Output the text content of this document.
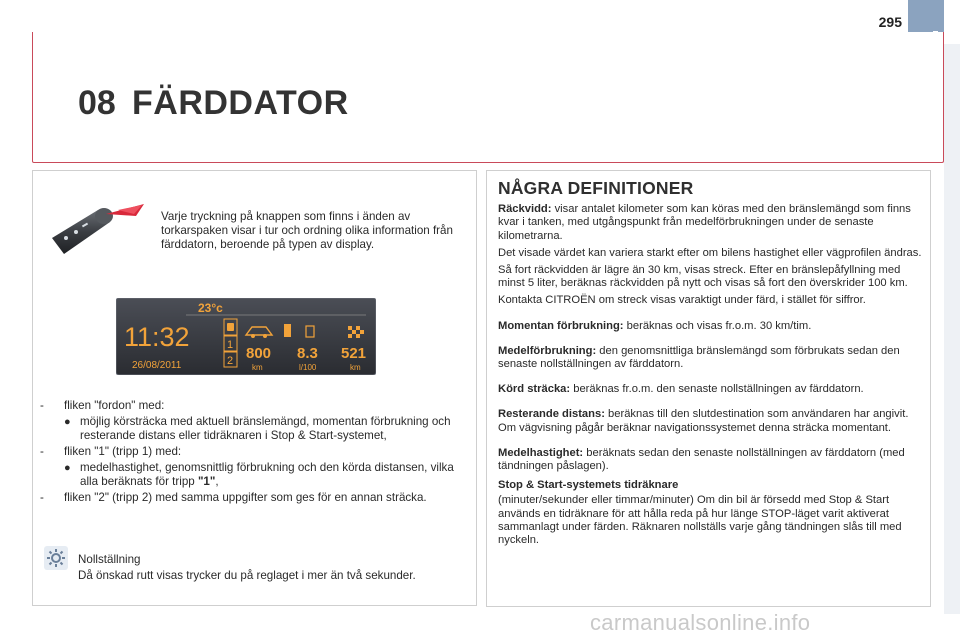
295
08 FÄRDDATOR
Varje tryckning på knappen som finns i änden av torkarspaken visar i tur och ordning olika information från färddatorn, beroende på typen av display.
23°c
11:32
26/08/2011
1
2 800
km
8.3
l/100
521
km
- fliken "fordon" med:
● möjlig körsträcka med aktuell bränslemängd, momentan förbrukning och resterande distans eller tidräknaren i Stop & Start-systemet,
- fliken "1" (tripp 1) med:
● medelhastighet, genomsnittlig förbrukning och den körda distansen, vilka alla beräknats för tripp "1",
- fliken "2" (tripp 2) med samma uppgifter som ges för en annan sträcka.
Nollställning
Då önskad rutt visas trycker du på reglaget i mer än två sekunder.
NÅGRA DEFINITIONER

Räckvidd: visar antalet kilometer som kan köras med den bränslemängd som finns kvar i tanken, med utgångspunkt från medelförbrukningen under de senaste kilometrarna.

Det visade värdet kan variera starkt efter om bilens hastighet eller vägprofilen ändras.

Så fort räckvidden är lägre än 30 km, visas streck. Efter en bränslepåfyllning med minst 5 liter, beräknas räckvidden på nytt och visas så fort den överskrider 100 km.

Kontakta CITROËN om streck visas varaktigt under färd, i stället för siffror.

Momentan förbrukning: beräknas och visas fr.o.m. 30 km/tim.

Medelförbrukning: den genomsnittliga bränslemängd som förbrukats sedan den senaste nollställningen av färddatorn.

Körd sträcka: beräknas fr.o.m. den senaste nollställningen av färddatorn.

Resterande distans: beräknas till den slutdestination som användaren har angivit. Om vägvisning pågår beräknar navigationssystemet denna sträcka momentant.

Medelhastighet: beräknats sedan den senaste nollställningen av färddatorn (med tändningen påslagen).

Stop & Start-systemets tidräknare

(minuter/sekunder eller timmar/minuter) Om din bil är försedd med Stop & Start används en tidräknare för att hålla reda på hur länge STOP-läget varit aktiverat sammanlagt under färden. Räknaren nollställs varje gång tändningen slås till med nyckeln.

carmanualsonline.info
